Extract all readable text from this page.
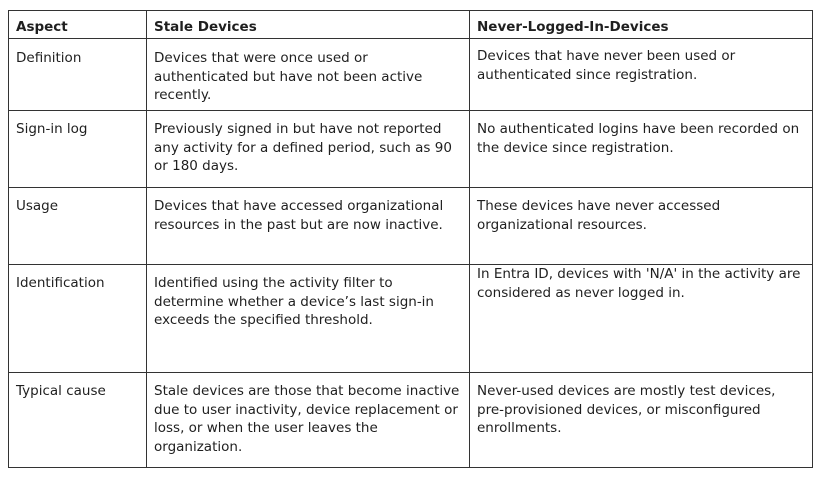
Aspect	Stale Devices	Never-Logged-In-Devices
Definition	Devices that were once used or authenticated but have not been active recently.	Devices that have never been used or authenticated since registration.
Sign-in log	Previously signed in but have not reported any activity for a defined period, such as 90 or 180 days.	No authenticated logins have been recorded on the device since registration.
Usage	Devices that have accessed organizational resources in the past but are now inactive.	These devices have never accessed organizational resources.
Identification	Identified using the activity filter to determine whether a device’s last sign-in exceeds the specified threshold.	In Entra ID, devices with 'N/A' in the activity are considered as never logged in.
Typical cause	Stale devices are those that become inactive due to user inactivity, device replacement or loss, or when the user leaves the organization.	Never-used devices are mostly test devices, pre-provisioned devices, or misconfigured enrollments.
